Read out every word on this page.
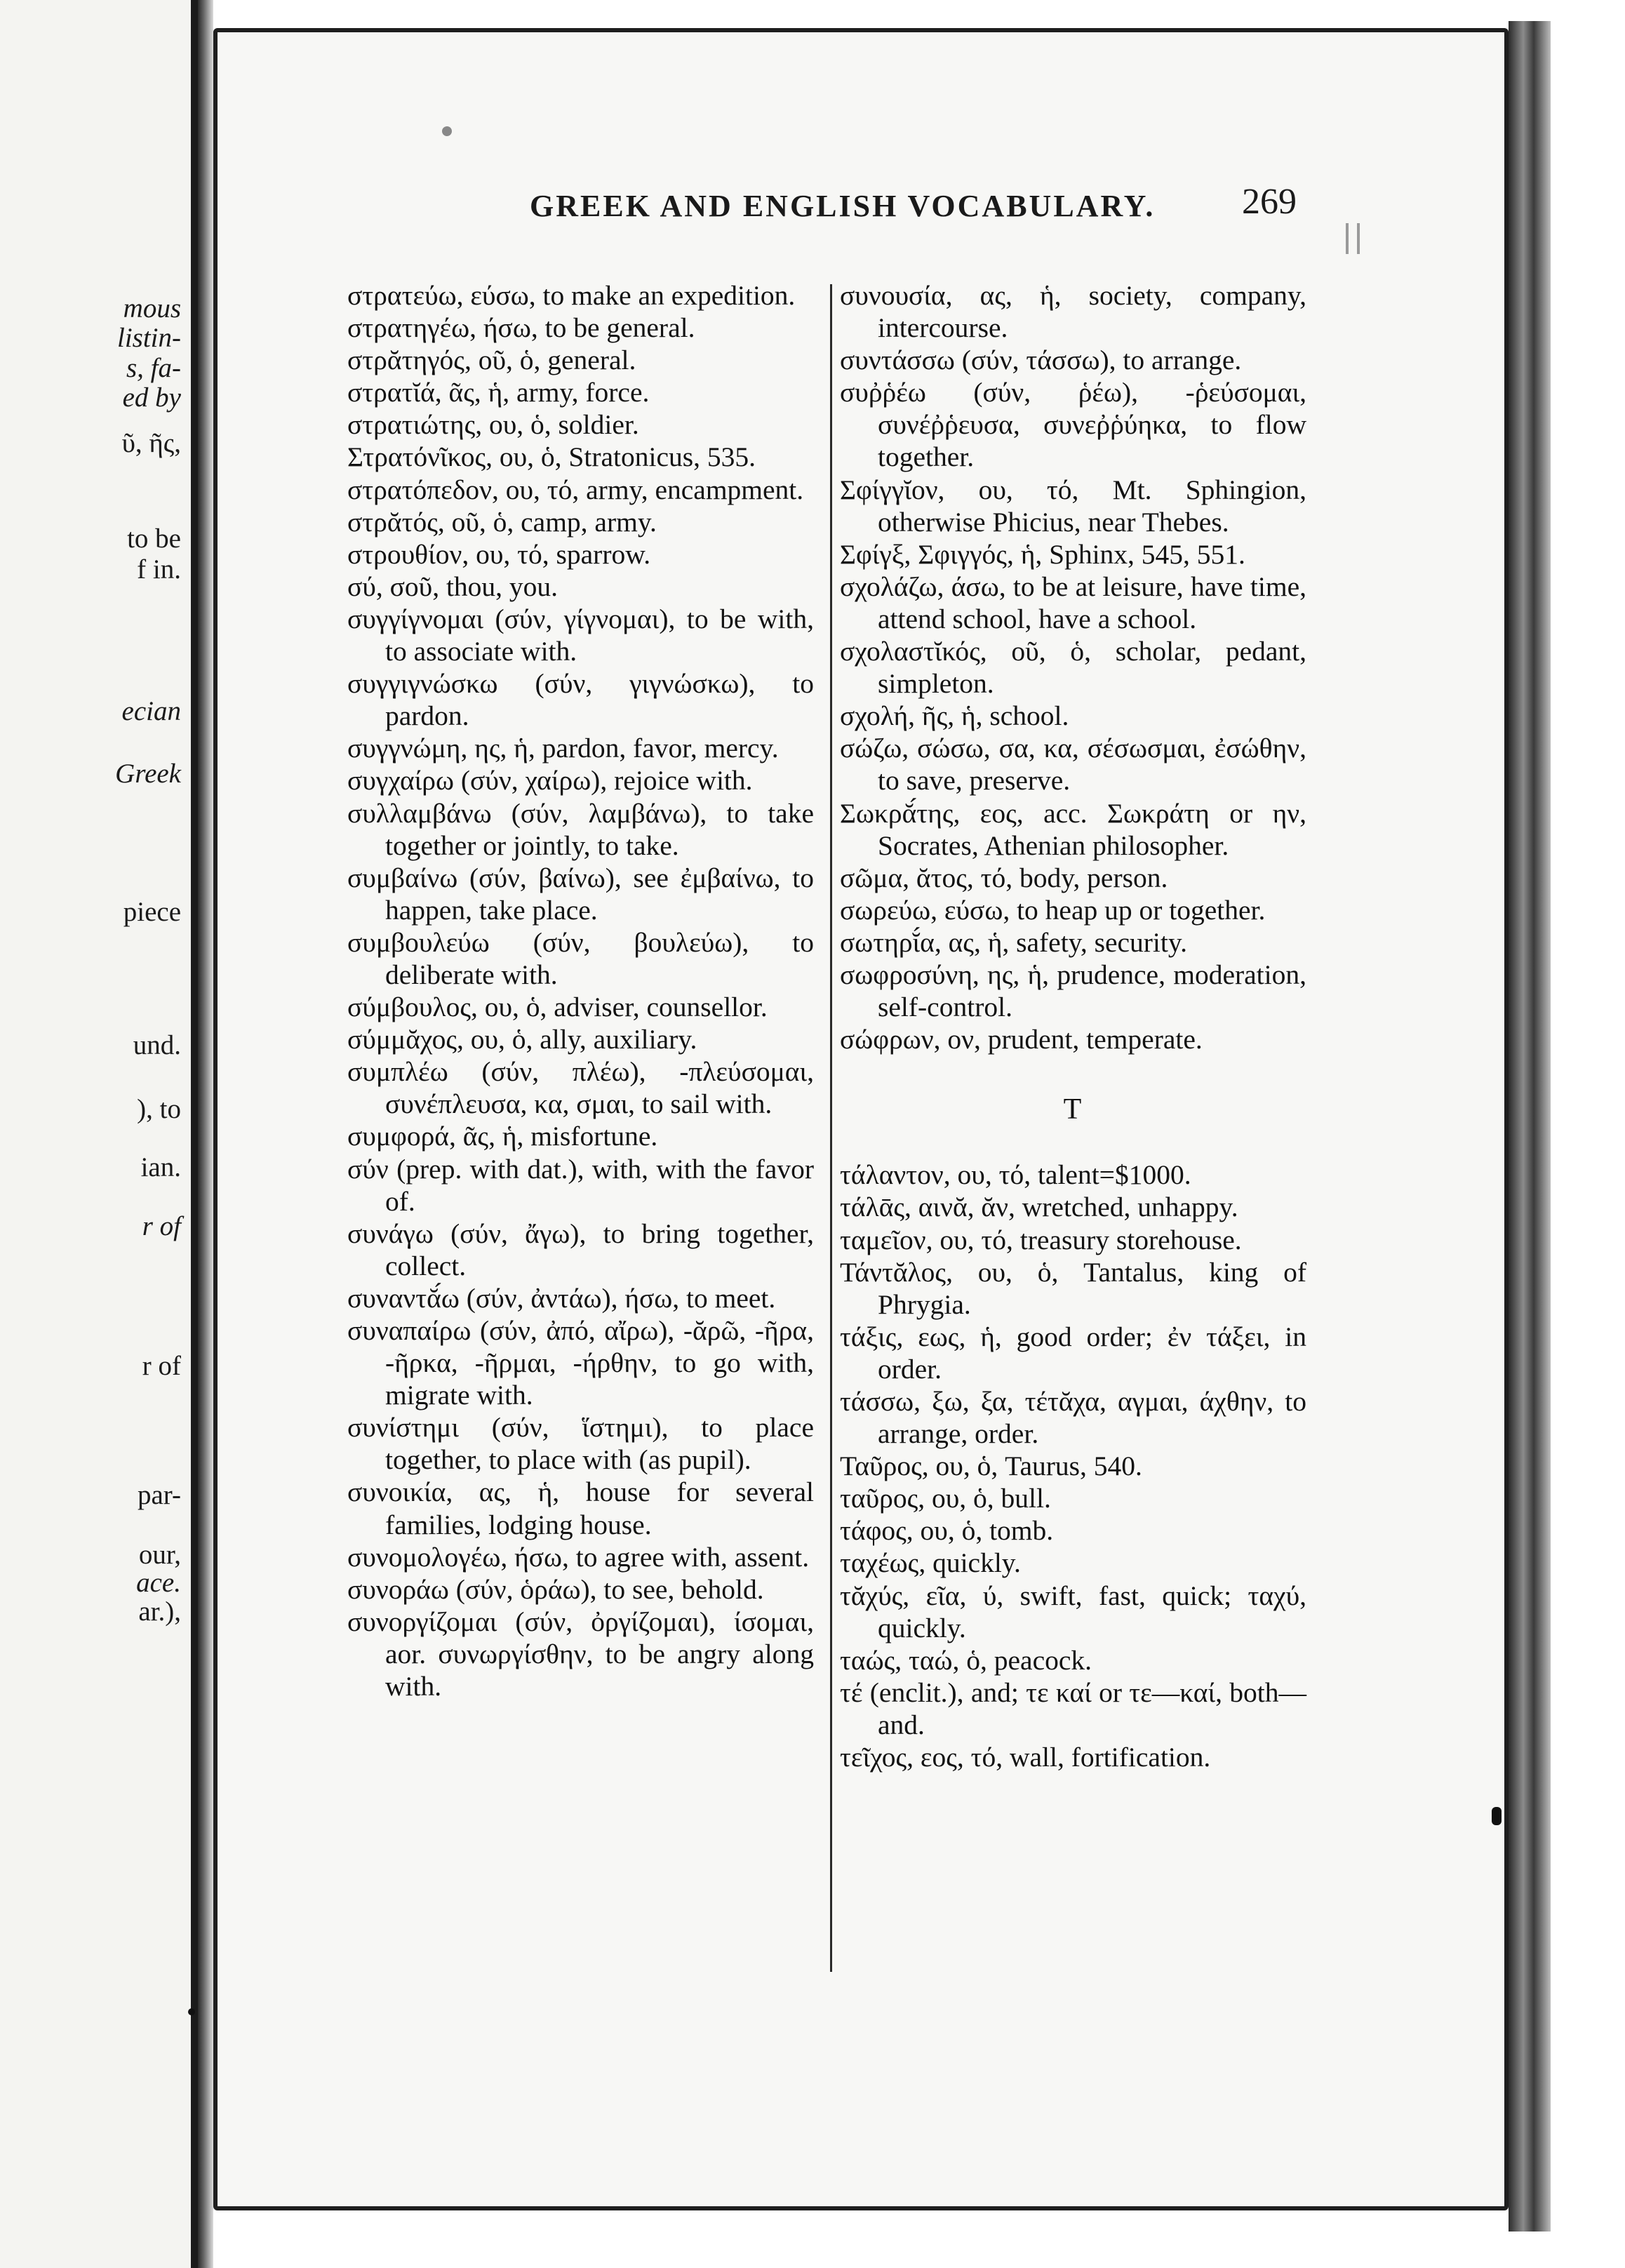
mous
listin-
s, fa-
ed by
ῦ, ῆς,
to be
f in.
ecian
Greek
piece
und.
), to
ian.
r of
r of
par-
our,
ace.
ar.),
GREEK AND ENGLISH VOCABULARY. 269
στρατεύω, εύσω, to make an expedition.
στρατηγέω, ήσω, to be general.
στρᾰτηγός, οῦ, ὁ, general.
στρατῐά, ᾶς, ἡ, army, force.
στρατιώτης, ου, ὁ, soldier.
Στρατόνῖκος, ου, ὁ, Stratonicus, 535.
στρατόπεδον, ου, τό, army, encampment.
στρᾰτός, οῦ, ὁ, camp, army.
στρουθίον, ου, τό, sparrow.
σύ, σοῦ, thou, you.
συγγίγνομαι (σύν, γίγνομαι), to be with, to associate with.
συγγιγνώσκω (σύν, γιγνώσκω), to pardon.
συγγνώμη, ης, ἡ, pardon, favor, mercy.
συγχαίρω (σύν, χαίρω), rejoice with.
συλλαμβάνω (σύν, λαμβάνω), to take together or jointly, to take.
συμβαίνω (σύν, βαίνω), see ἐμβαίνω, to happen, take place.
συμβουλεύω (σύν, βουλεύω), to deliberate with.
σύμβουλος, ου, ὁ, adviser, counsellor.
σύμμᾰχος, ου, ὁ, ally, auxiliary.
συμπλέω (σύν, πλέω), -πλεύσομαι, συνέπλευσα, κα, σμαι, to sail with.
συμφορά, ᾶς, ἡ, misfortune.
σύν (prep. with dat.), with, with the favor of.
συνάγω (σύν, ἄγω), to bring together, collect.
συναντᾰ́ω (σύν, ἀντάω), ήσω, to meet.
συναπαίρω (σύν, ἀπό, αἴρω), -ᾰρῶ, -ῆρα, -ῆρκα, -ῆρμαι, -ήρθην, to go with, migrate with.
συνίστημι (σύν, ἵστημι), to place together, to place with (as pupil).
συνοικία, ας, ἡ, house for several families, lodging house.
συνομολογέω, ήσω, to agree with, assent.
συνοράω (σύν, ὁράω), to see, behold.
συνοργίζομαι (σύν, ὀργίζομαι), ίσομαι, aor. συνωργίσθην, to be angry along with.
συνουσία, ας, ἡ, society, company, intercourse.
συντάσσω (σύν, τάσσω), to arrange.
συῤῥέω (σύν, ῥέω), -ῥεύσομαι, συνέῤῥευσα, συνεῤῥύηκα, to flow together.
Σφίγγῐον, ου, τό, Mt. Sphingion, otherwise Phicius, near Thebes.
Σφίγξ, Σφιγγός, ἡ, Sphinx, 545, 551.
σχολάζω, άσω, to be at leisure, have time, attend school, have a school.
σχολαστῐκός, οῦ, ὁ, scholar, pedant, simpleton.
σχολή, ῆς, ἡ, school.
σώζω, σώσω, σα, κα, σέσωσμαι, ἐσώθην, to save, preserve.
Σωκρᾰ́της, εος, acc. Σωκράτη or ην, Socrates, Athenian philosopher.
σῶμα, ᾰτος, τό, body, person.
σωρεύω, εύσω, to heap up or together.
σωτηρῐ́α, ας, ἡ, safety, security.
σωφροσύνη, ης, ἡ, prudence, moderation, self-control.
σώφρων, ον, prudent, temperate.
T
τάλαντον, ου, τό, talent=$1000.
τάλᾱς, αινᾰ, ᾰν, wretched, unhappy.
ταμεῖον, ου, τό, treasury storehouse.
Τάντᾰλος, ου, ὁ, Tantalus, king of Phrygia.
τάξις, εως, ἡ, good order; ἐν τάξει, in order.
τάσσω, ξω, ξα, τέτᾰχα, αγμαι, άχθην, to arrange, order.
Ταῦρος, ου, ὁ, Taurus, 540.
ταῦρος, ου, ὁ, bull.
τάφος, ου, ὁ, tomb.
ταχέως, quickly.
τᾰχύς, εῖα, ύ, swift, fast, quick; ταχύ, quickly.
ταώς, ταώ, ὁ, peacock.
τέ (enclit.), and; τε καί or τε—καί, both—and.
τεῖχος, εος, τό, wall, fortification.
